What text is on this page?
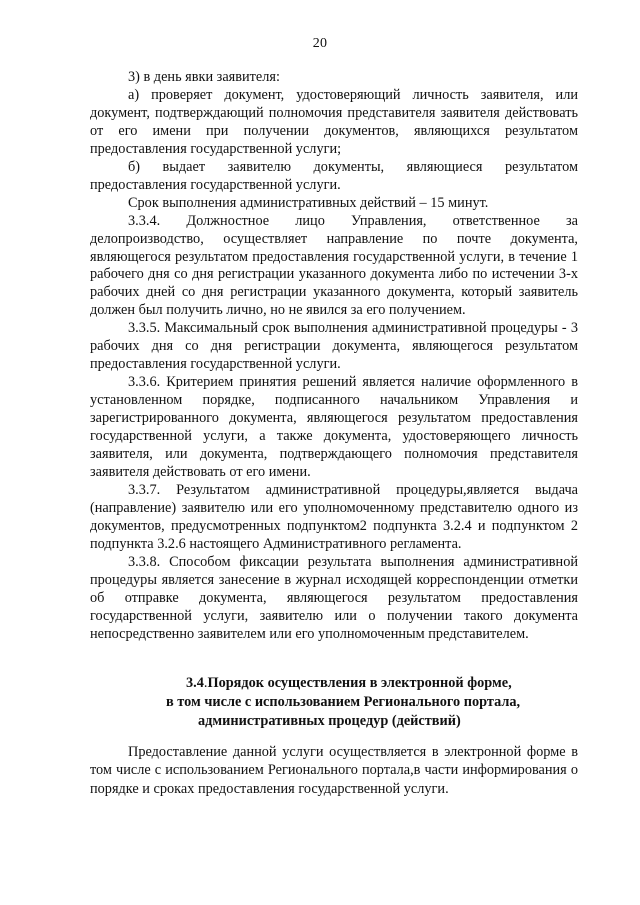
20

3) в день явки заявителя:

а) проверяет документ, удостоверяющий личность заявителя, или документ, подтверждающий полномочия представителя заявителя действовать от его имени при получении документов, являющихся результатом предоставления государственной услуги;

б) выдает заявителю документы, являющиеся результатом предоставления государственной услуги.

Срок выполнения административных действий – 15 минут.

3.3.4. Должностное лицо Управления, ответственное за делопроизводство, осуществляет направление по почте документа, являющегося результатом предоставления государственной услуги, в течение 1 рабочего дня со дня регистрации указанного документа либо по истечении 3-х рабочих дней со дня регистрации указанного документа, который заявитель должен был получить лично, но не явился за его получением.

3.3.5. Максимальный срок выполнения административной процедуры - 3 рабочих дня со дня регистрации документа, являющегося результатом предоставления государственной услуги.

3.3.6. Критерием принятия решений является наличие оформленного в установленном порядке, подписанного начальником Управления и зарегистрированного документа, являющегося результатом предоставления государственной услуги, а также документа, удостоверяющего личность заявителя, или документа, подтверждающего полномочия представителя заявителя действовать от его имени.

3.3.7. Результатом административной процедуры,является выдача (направление) заявителю или его уполномоченному представителю одного из документов, предусмотренных подпунктом2 подпункта 3.2.4 и подпунктом 2 подпункта 3.2.6 настоящего Административного регламента.

3.3.8. Способом фиксации результата выполнения административной процедуры является занесение в журнал исходящей корреспонденции отметки об отправке документа, являющегося результатом предоставления государственной услуги, заявителю или о получении такого документа непосредственно заявителем или его уполномоченным представителем.

3.4.Порядок осуществления в электронной форме,
в том числе с использованием Регионального портала,
административных процедур (действий)

Предоставление данной услуги осуществляется в электронной форме в том числе с использованием Регионального портала,в части информирования о порядке и сроках предоставления государственной услуги.
